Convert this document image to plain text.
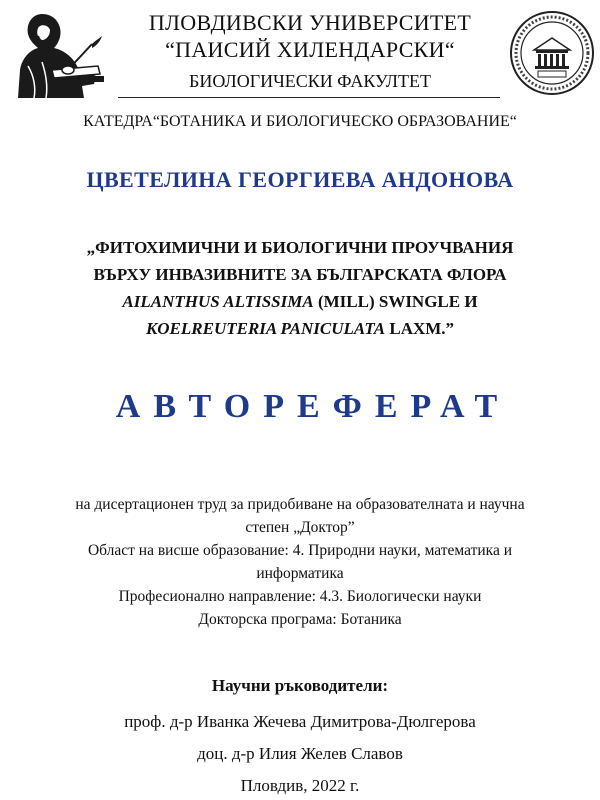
ПЛОВДИВСКИ УНИВЕРСИТЕТ
“ПАИСИЙ ХИЛЕНДАРСКИ“
БИОЛОГИЧЕСКИ ФАКУЛТЕТ
КАТЕДРА“БОТАНИКА И БИОЛОГИЧЕСКО ОБРАЗОВАНИЕ“
ЦВЕТЕЛИНА ГЕОРГИЕВА АНДОНОВА
„ФИТОХИМИЧНИ И БИОЛОГИЧНИ ПРОУЧВАНИЯ
ВЪРХУ ИНВАЗИВНИТЕ ЗА БЪЛГАРСКАТА ФЛОРА
AILANTHUS ALTISSIMA (MILL) SWINGLE И
KOELREUTERIA PANICULATA LAXM.”
АВТОРЕФЕРАТ
на дисертационен труд за придобиване на образователната и научна
степен „Доктор”
Област на висше образование: 4. Природни науки, математика и
информатика
Професионално направление: 4.3. Биологически науки
Докторска програма: Ботаника
Научни ръководители:
проф. д-р Иванка Жечева Димитрова-Дюлгерова
доц. д-р Илия Желев Славов
Пловдив, 2022 г.
